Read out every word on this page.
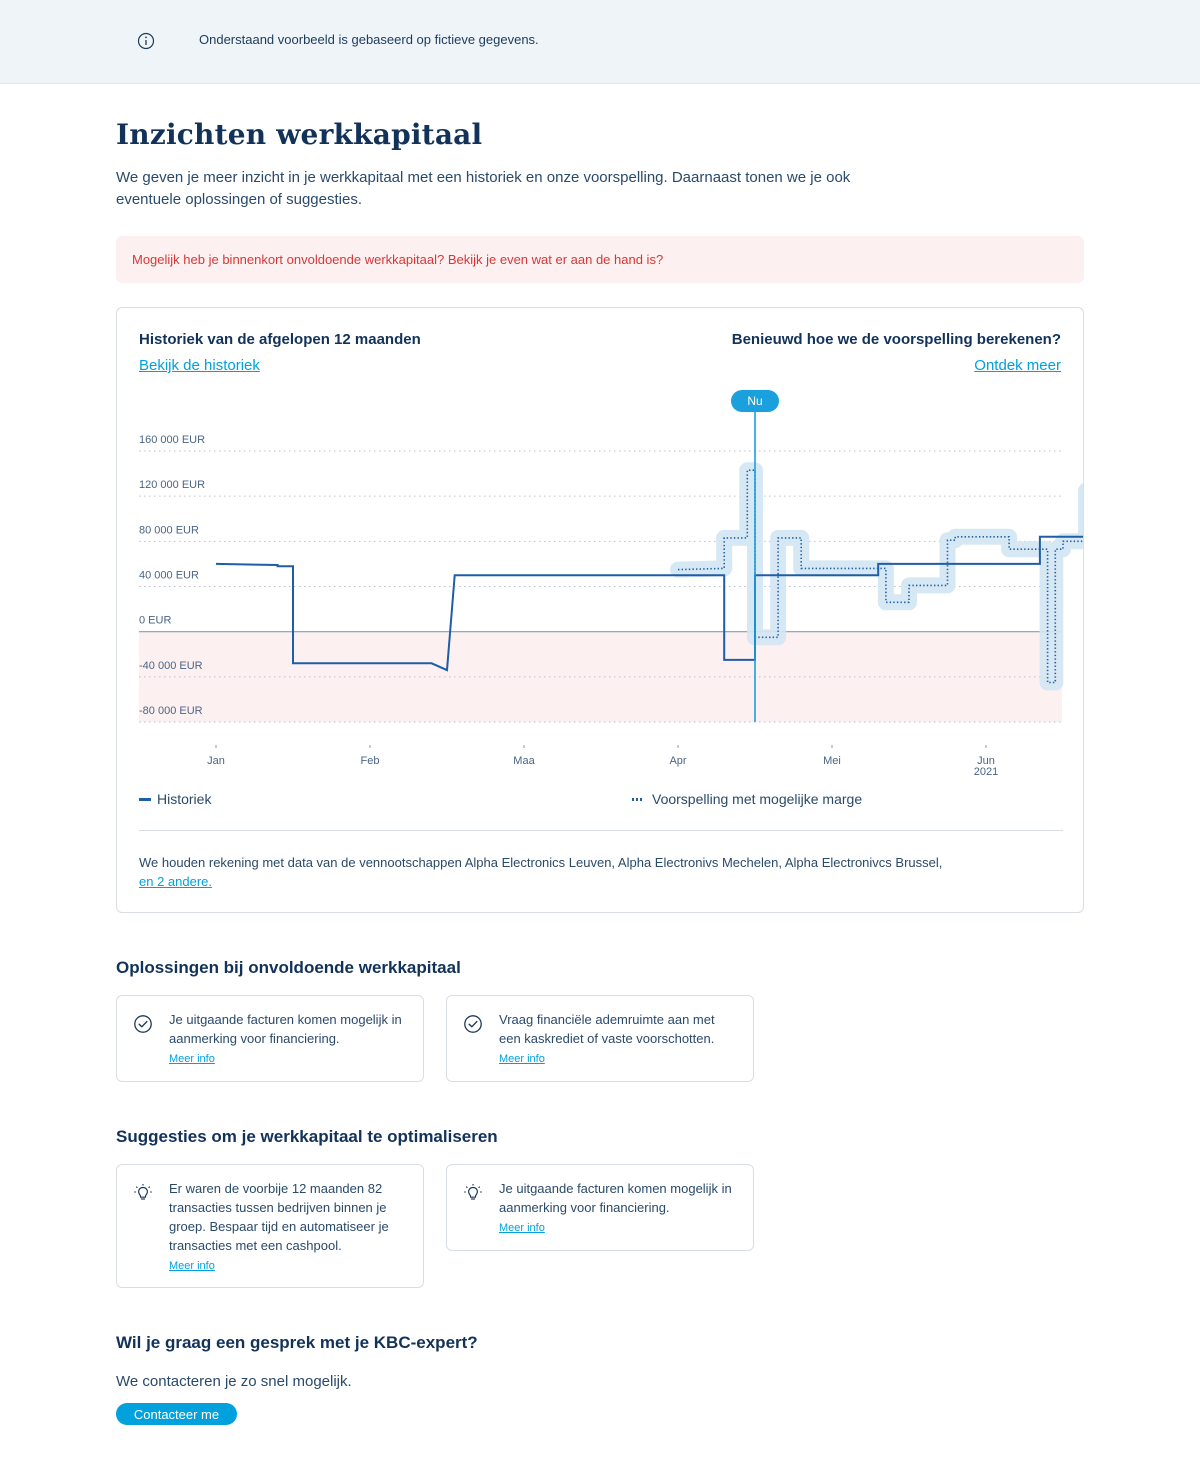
Onderstaand voorbeeld is gebaseerd op fictieve gegevens.
Inzichten werkkapitaal

We geven je meer inzicht in je werkkapitaal met een historiek en onze voorspelling. Daarnaast tonen we je ook eventuele oplossingen of suggesties.

Mogelijk heb je binnenkort onvoldoende werkkapitaal? Bekijk je even wat er aan de hand is?
Historiek van de afgelopen 12 maanden
Bekijk de historiek
Benieuwd hoe we de voorspelling berekenen?
Ontdek meer
160 000 EUR
120 000 EUR
80 000 EUR
40 000 EUR
0 EUR
-40 000 EUR
-80 000 EUR
Jan	Feb	Maa	Apr	Mei	Jun
2021
Nu
Historiek	Voorspelling met mogelijke marge
We houden rekening met data van de vennootschappen Alpha Electronics Leuven, Alpha Electronivs Mechelen, Alpha Electronivcs Brussel,
en 2 andere.
Oplossingen bij onvoldoende werkkapitaal
Je uitgaande facturen komen mogelijk in aanmerking voor financiering.
Meer info
Vraag financiële ademruimte aan met een kaskrediet of vaste voorschotten.
Meer info
Suggesties om je werkkapitaal te optimaliseren
Er waren de voorbije 12 maanden 82 transacties tussen bedrijven binnen je groep. Bespaar tijd en automatiseer je transacties met een cashpool.
Meer info
Je uitgaande facturen komen mogelijk in aanmerking voor financiering.
Meer info
Wil je graag een gesprek met je KBC-expert?

We contacteren je zo snel mogelijk.

Contacteer me
